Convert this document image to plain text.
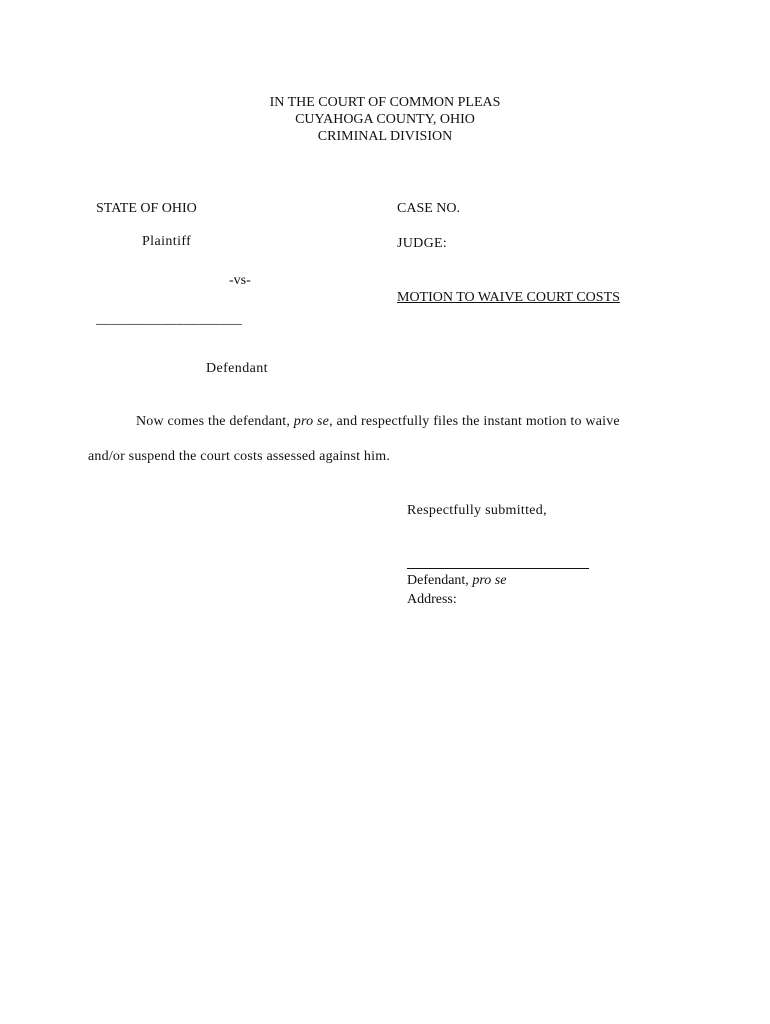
IN THE COURT OF COMMON PLEAS
CUYAHOGA COUNTY, OHIO
CRIMINAL DIVISION
STATE OF OHIO
Plaintiff
-vs-
____________________
Defendant
CASE NO.
JUDGE:
MOTION TO WAIVE COURT COSTS
Now comes the defendant, pro se, and respectfully files the instant motion to waive
and/or suspend the court costs assessed against him.
Respectfully submitted,
Defendant, pro se
Address:
